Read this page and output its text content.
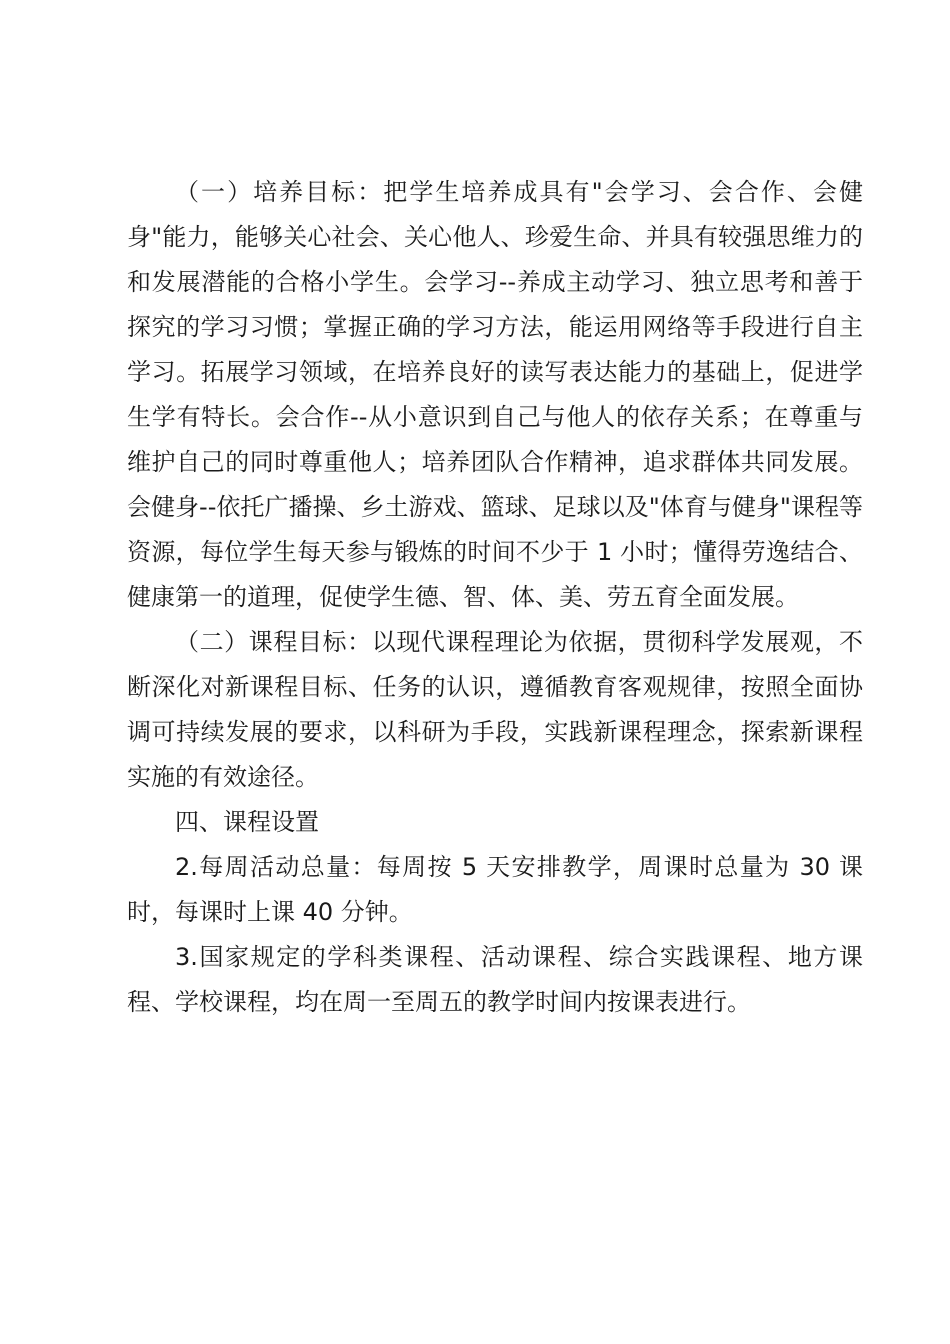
（一）培养目标：把学生培养成具有"会学习、会合作、会健身"能力，能够关心社会、关心他人、珍爱生命、并具有较强思维力的和发展潜能的合格小学生。会学习--养成主动学习、独立思考和善于探究的学习习惯；掌握正确的学习方法，能运用网络等手段进行自主学习。拓展学习领域，在培养良好的读写表达能力的基础上，促进学生学有特长。会合作--从小意识到自己与他人的依存关系；在尊重与维护自己的同时尊重他人；培养团队合作精神，追求群体共同发展。会健身--依托广播操、乡土游戏、篮球、足球以及"体育与健身"课程等资源，每位学生每天参与锻炼的时间不少于 1 小时；懂得劳逸结合、健康第一的道理，促使学生德、智、体、美、劳五育全面发展。

（二）课程目标：以现代课程理论为依据，贯彻科学发展观，不断深化对新课程目标、任务的认识，遵循教育客观规律，按照全面协调可持续发展的要求，以科研为手段，实践新课程理念，探索新课程实施的有效途径。

四、课程设置

2.每周活动总量：每周按 5 天安排教学，周课时总量为 30 课时，每课时上课 40 分钟。

3.国家规定的学科类课程、活动课程、综合实践课程、地方课程、学校课程，均在周一至周五的教学时间内按课表进行。
